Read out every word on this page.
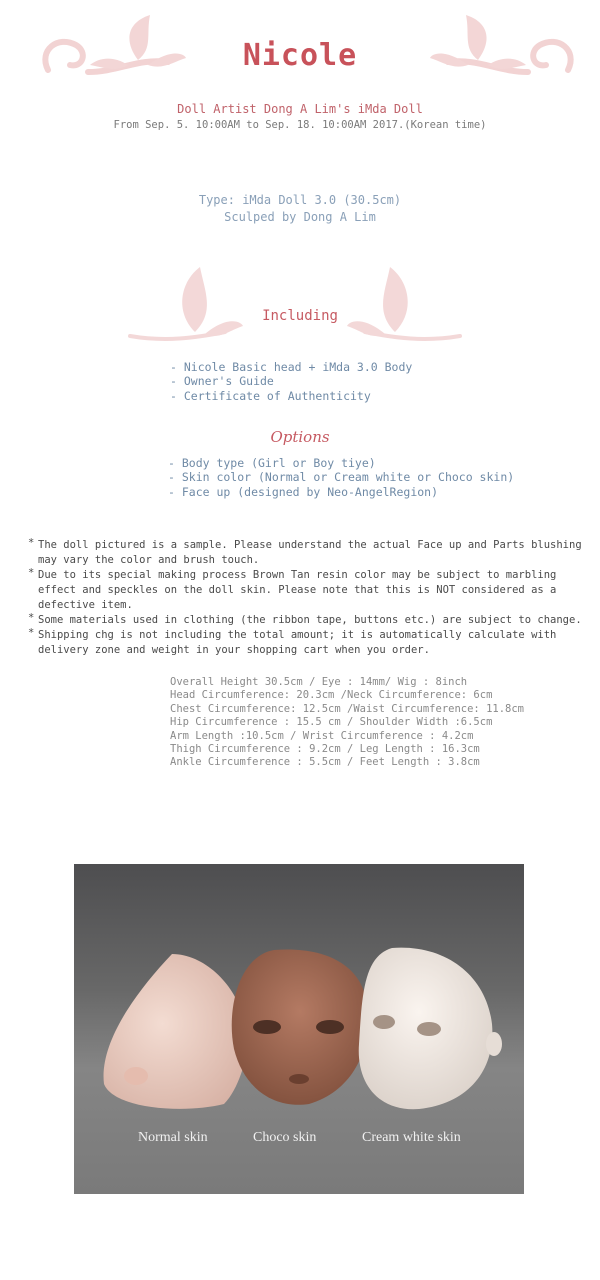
Nicole
Doll Artist Dong A Lim's iMda Doll
From Sep. 5. 10:00AM to Sep. 18. 10:00AM 2017.(Korean time)
Type: iMda Doll 3.0 (30.5cm)
Sculped by Dong A Lim
Including
- Nicole Basic head + iMda 3.0 Body
- Owner's Guide
- Certificate of Authenticity
Options
- Body type (Girl or Boy tiye)
- Skin color (Normal or Cream white or Choco skin)
- Face up (designed by Neo-AngelRegion)
* The doll pictured is a sample. Please understand the actual Face up and Parts blushing may vary the color and brush touch.
* Due to its special making process Brown Tan resin color may be subject to marbling effect and speckles on the doll skin. Please note that this is NOT considered as a defective item.
* Some materials used in clothing (the ribbon tape, buttons etc.) are subject to change.
* Shipping chg is not including the total amount; it is automatically calculate with delivery zone and weight in your shopping cart when you order.
Overall Height 30.5cm / Eye : 14mm/ Wig : 8inch
Head Circumference: 20.3cm /Neck Circumference: 6cm
Chest Circumference: 12.5cm /Waist Circumference: 11.8cm
Hip Circumference : 15.5 cm / Shoulder Width :6.5cm
Arm Length :10.5cm / Wrist Circumference : 4.2cm
Thigh Circumference : 9.2cm / Leg Length : 16.3cm
Ankle Circumference : 5.5cm / Feet Length : 3.8cm
Normal skin	Choco skin	Cream white skin
